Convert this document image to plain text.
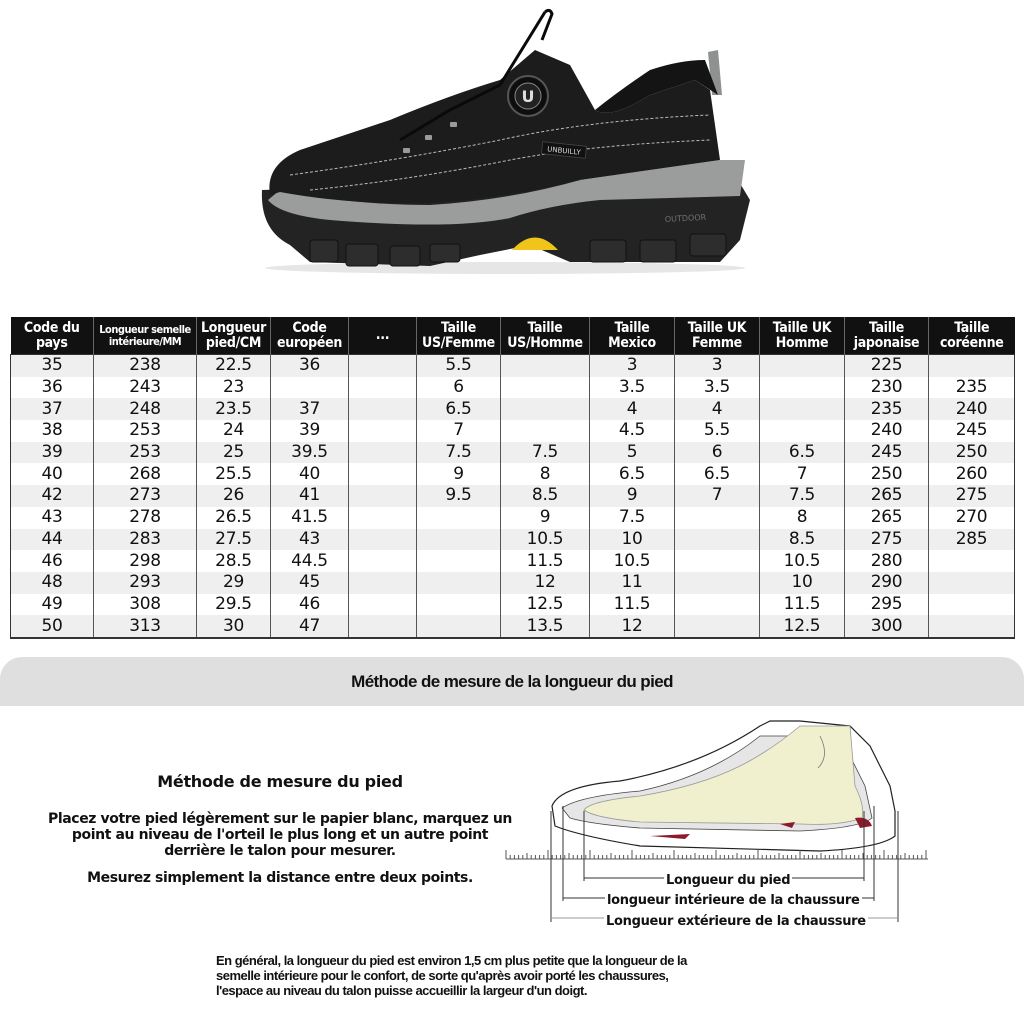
OUTDOOR
U
UNBUILLY
Code du pays	Longueur semelle intérieure/MM	Longueur pied/CM	Code européen	...	Taille US/Femme	Taille US/Homme	Taille Mexico	Taille UK Femme	Taille UK Homme	Taille japonaise	Taille coréenne
35	238	22.5	36		5.5		3	3		225	
36	243	23			6		3.5	3.5		230	235
37	248	23.5	37		6.5		4	4		235	240
38	253	24	39		7		4.5	5.5		240	245
39	253	25	39.5		7.5	7.5	5	6	6.5	245	250
40	268	25.5	40		9	8	6.5	6.5	7	250	260
42	273	26	41		9.5	8.5	9	7	7.5	265	275
43	278	26.5	41.5			9	7.5		8	265	270
44	283	27.5	43			10.5	10		8.5	275	285
46	298	28.5	44.5			11.5	10.5		10.5	280	
48	293	29	45			12	11		10	290	
49	308	29.5	46			12.5	11.5		11.5	295	
50	313	30	47			13.5	12		12.5	300	
Méthode de mesure de la longueur du pied
Méthode de mesure du pied
Placez votre pied légèrement sur le papier blanc, marquez un
point au niveau de l'orteil le plus long et un autre point
derrière le talon pour mesurer.
Mesurez simplement la distance entre deux points.	Longueur du pied
longueur intérieure de la chaussure
Longueur extérieure de la chaussure
En général, la longueur du pied est environ 1,5 cm plus petite que la longueur de la
semelle intérieure pour le confort, de sorte qu'après avoir porté les chaussures,
l'espace au niveau du talon puisse accueillir la largeur d'un doigt.
